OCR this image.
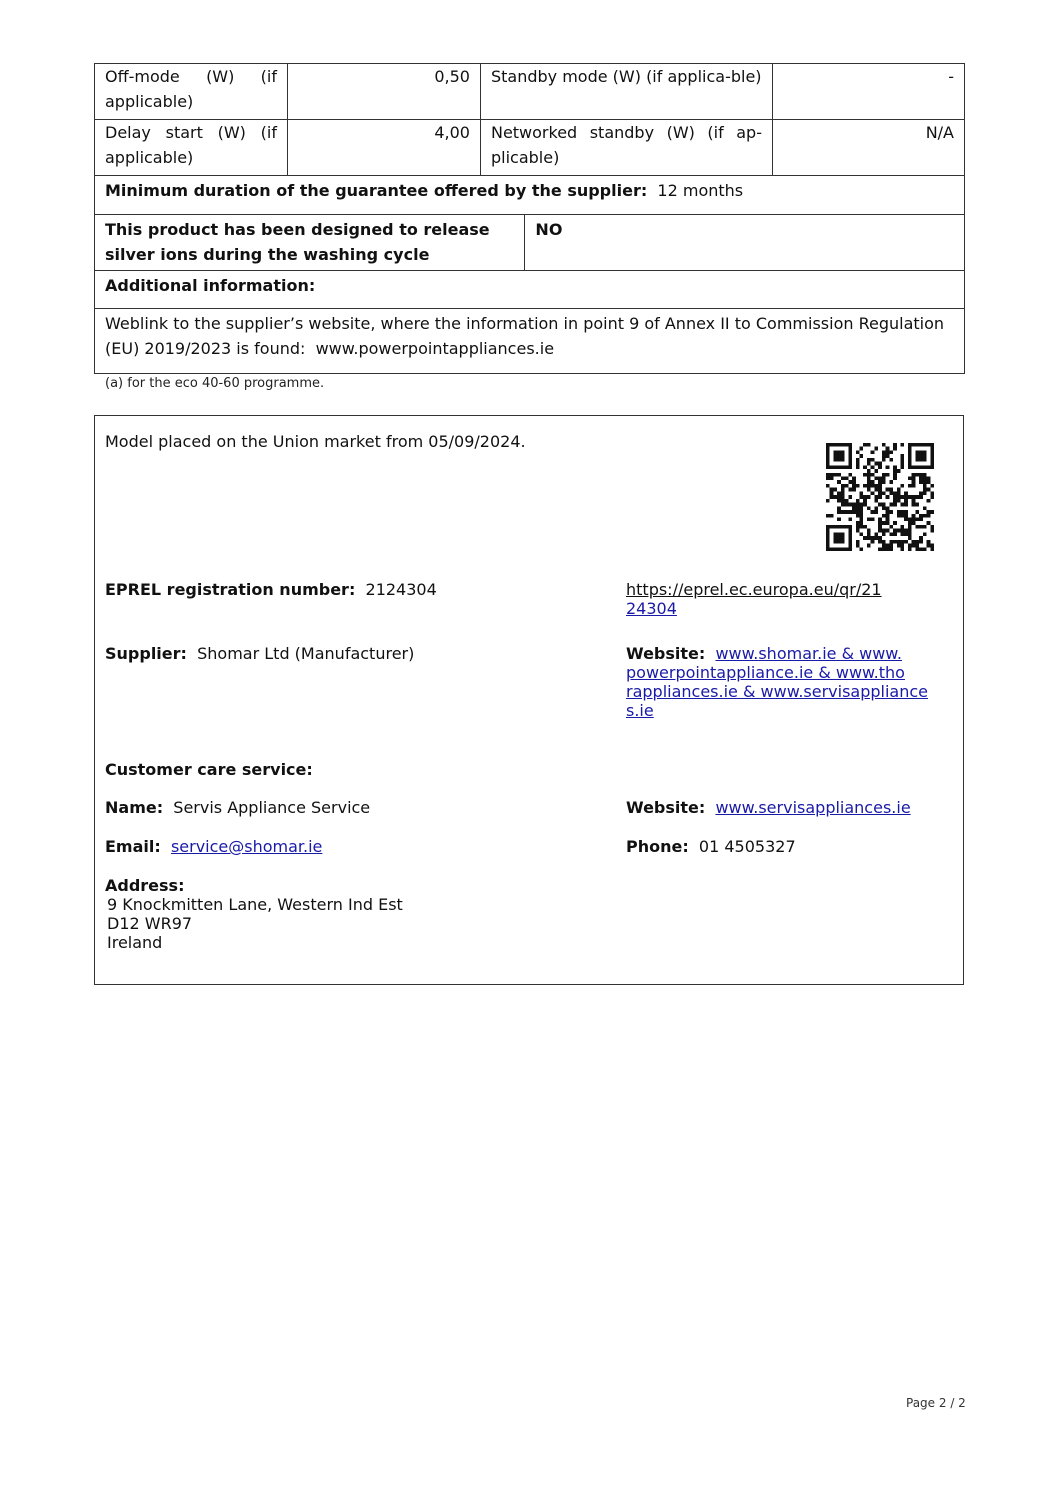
Off-mode (W) (if applicable)	0,50	Standby mode (W) (if applica-ble)		-
Delay start (W) (if applicable)	4,00	Networked standby (W) (if ap-plicable)		N/A
Minimum duration of the guarantee offered by the supplier: 12 months				
This product has been designed to release silver ions during the washing cycle			NO	
Additional information:				
Weblink to the supplier’s website, where the information in point 9 of Annex II to Commission Regulation (EU) 2019/2023 is found: www.powerpointappliances.ie				
(a) for the eco 40-60 programme.
Model placed on the Union market from 05/09/2024.
EPREL registration number: 2124304	https://eprel.ec.europa.eu/qr/21
24304
Supplier: Shomar Ltd (Manufacturer)	Website: www.shomar.ie & www.
powerpointappliance.ie & www.tho
rappliances.ie & www.servisappliance
s.ie
Customer care service:
Name: Servis Appliance Service	Website: www.servisappliances.ie
Email: service@shomar.ie	Phone: 01 4505327
Address:
9 Knockmitten Lane, Western Ind Est
D12 WR97
Ireland
Page 2 / 2
